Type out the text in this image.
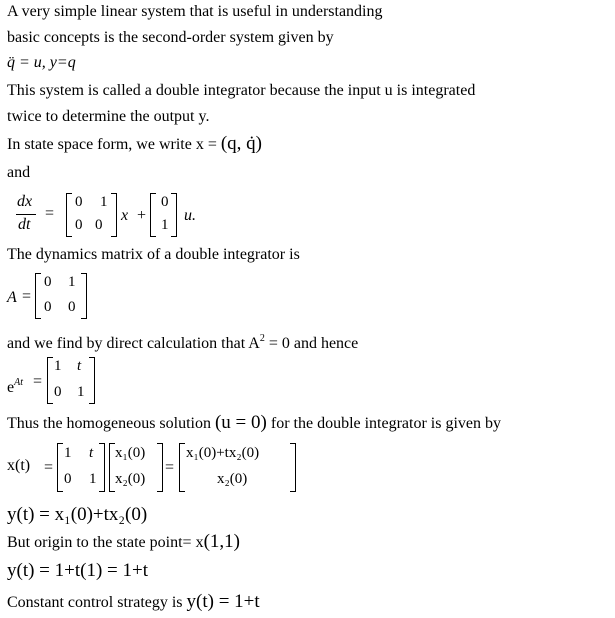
A very simple linear system that is useful in understanding
basic concepts is the second-order system given by
q̈ = u, y=q
This system is called a double integrator because the input u is integrated
twice to determine the output y.
In state space form, we write x = (q, q̇)
and
dx
dt
=
0 1
0 0
x +
0
1
u.
The dynamics matrix of a double integrator is
A =
0 1
0 0
and we find by direct calculation that $A^2 = 0$ and hence
$e^{At}$ =
1 t
0 1
Thus the homogeneous solution (u = 0) for the double integrator is given by
x(t) =
1 t
0 1
x₁(0)
x₂(0)
=
x₁(0)+tx₂(0)
x₂(0)
y(t) = x₁(0)+tx₂(0)
But origin to the state point= x(1,1)
y(t) = 1+t(1) = 1+t
Constant control strategy is y(t) = 1+t
